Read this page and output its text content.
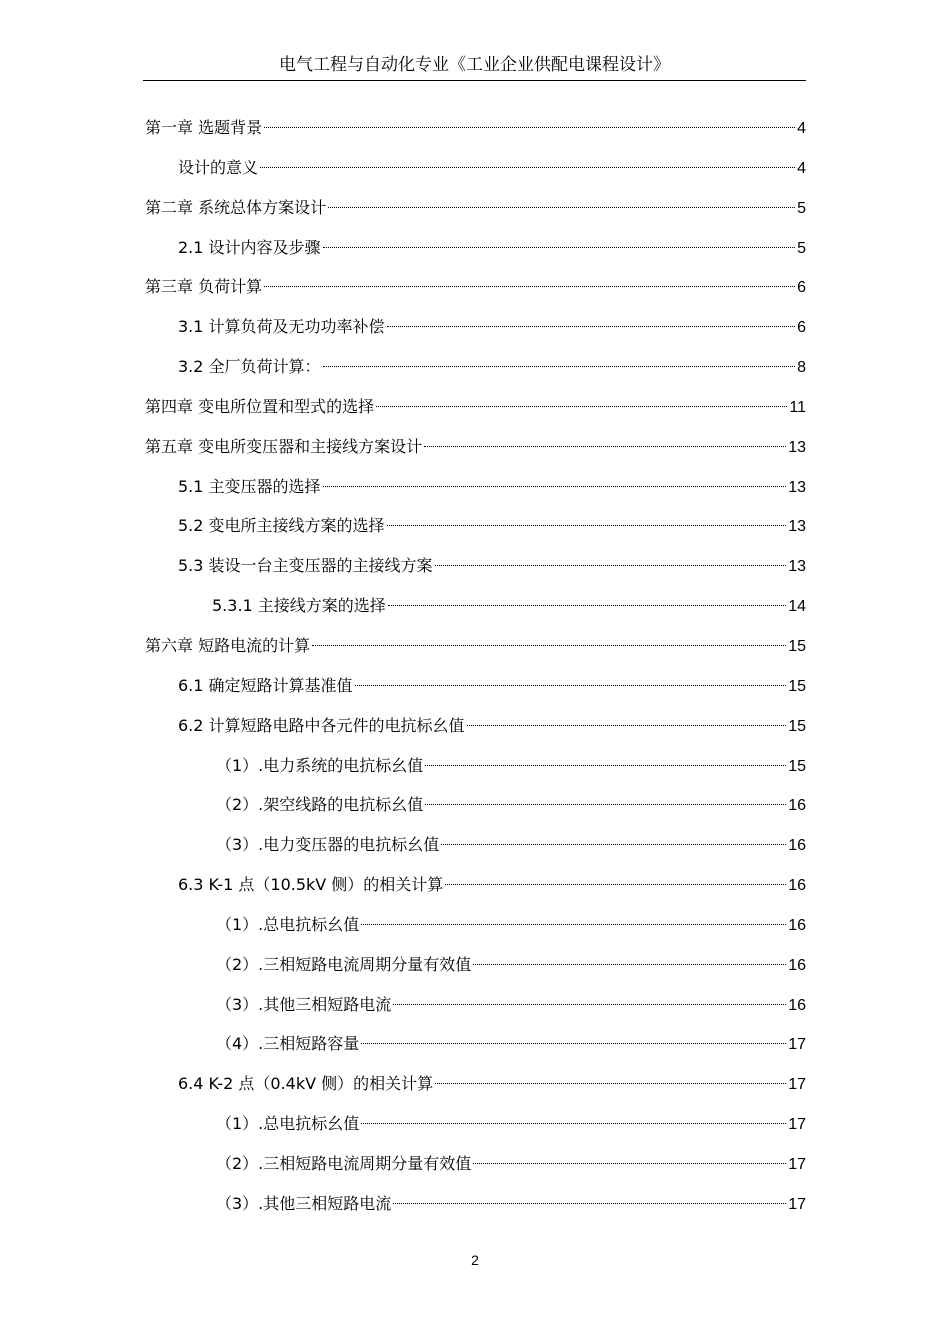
电气工程与自动化专业《工业企业供配电课程设计》
第一章 选题背景	4
设计的意义	4
第二章 系统总体方案设计	5
2.1 设计内容及步骤	5
第三章 负荷计算	6
3.1 计算负荷及无功功率补偿	6
3.2 全厂负荷计算：	8
第四章 变电所位置和型式的选择	11
第五章 变电所变压器和主接线方案设计	13
5.1 主变压器的选择	13
5.2 变电所主接线方案的选择	13
5.3 装设一台主变压器的主接线方案	13
5.3.1 主接线方案的选择	14
第六章 短路电流的计算	15
6.1 确定短路计算基准值	15
6.2 计算短路电路中各元件的电抗标幺值	15
（1）.电力系统的电抗标幺值	15
（2）.架空线路的电抗标幺值	16
（3）.电力变压器的电抗标幺值	16
6.3 K-1 点（10.5kV 侧）的相关计算	16
（1）.总电抗标幺值	16
（2）.三相短路电流周期分量有效值	16
（3）.其他三相短路电流	16
（4）.三相短路容量	17
6.4 K-2 点（0.4kV 侧）的相关计算	17
（1）.总电抗标幺值	17
（2）.三相短路电流周期分量有效值	17
（3）.其他三相短路电流	17
2
